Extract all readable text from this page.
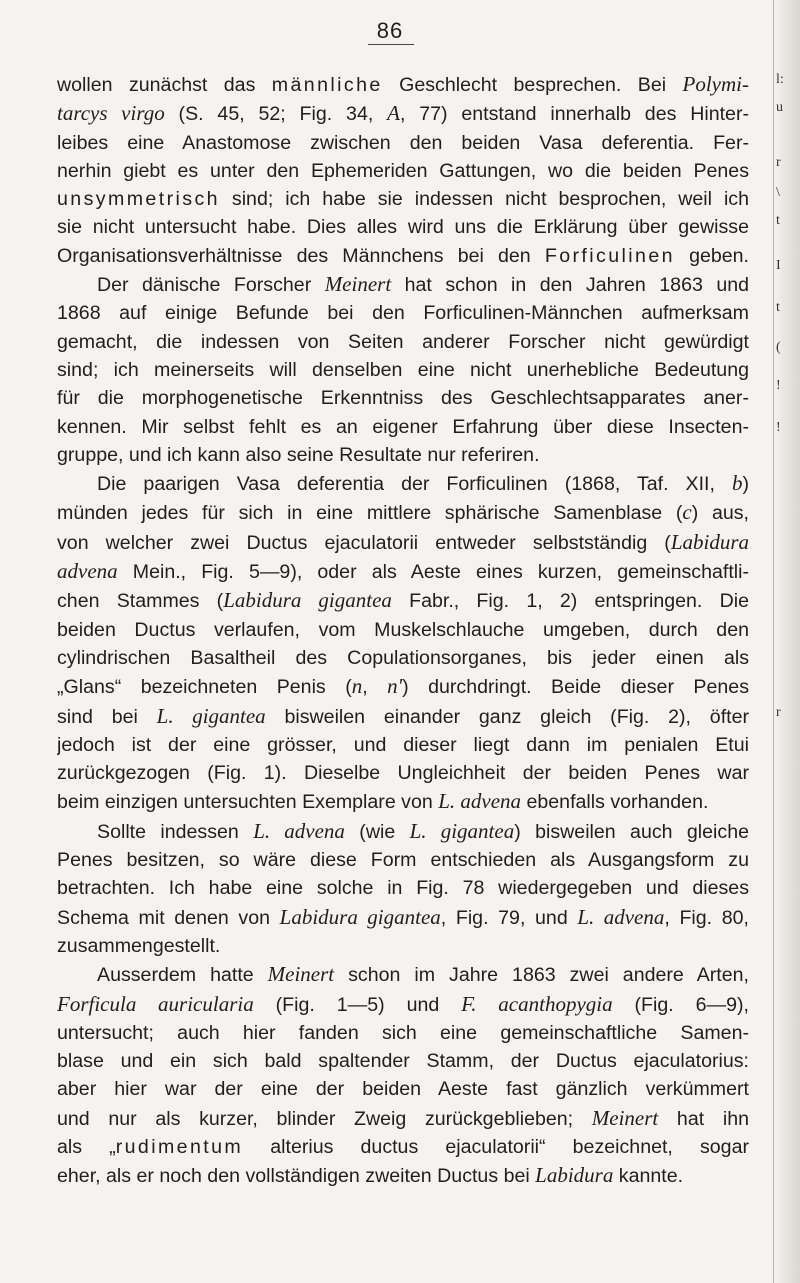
86
wollen zunächst das männliche Geschlecht besprechen. Bei Polymi-
tarcys virgo (S. 45, 52; Fig. 34, A, 77) entstand innerhalb des Hinter-
leibes eine Anastomose zwischen den beiden Vasa deferentia. Fer-
nerhin giebt es unter den Ephemeriden Gattungen, wo die beiden Penes
unsymmetrisch sind; ich habe sie indessen nicht besprochen, weil ich
sie nicht untersucht habe. Dies alles wird uns die Erklärung über gewisse
Organisationsverhältnisse des Männchens bei den Forficulinen geben.
Der dänische Forscher Meinert hat schon in den Jahren 1863 und
1868 auf einige Befunde bei den Forficulinen-Männchen aufmerksam
gemacht, die indessen von Seiten anderer Forscher nicht gewürdigt
sind; ich meinerseits will denselben eine nicht unerhebliche Bedeutung
für die morphogenetische Erkenntniss des Geschlechtsapparates aner-
kennen. Mir selbst fehlt es an eigener Erfahrung über diese Insecten-
gruppe, und ich kann also seine Resultate nur referiren.
Die paarigen Vasa deferentia der Forficulinen (1868, Taf. XII, b)
münden jedes für sich in eine mittlere sphärische Samenblase (c) aus,
von welcher zwei Ductus ejaculatorii entweder selbstständig (Labidura
advena Mein., Fig. 5—9), oder als Aeste eines kurzen, gemeinschaftli-
chen Stammes (Labidura gigantea Fabr., Fig. 1, 2) entspringen. Die
beiden Ductus verlaufen, vom Muskelschlauche umgeben, durch den
cylindrischen Basaltheil des Copulationsorganes, bis jeder einen als
„Glans“ bezeichneten Penis (n, n') durchdringt. Beide dieser Penes
sind bei L. gigantea bisweilen einander ganz gleich (Fig. 2), öfter
jedoch ist der eine grösser, und dieser liegt dann im penialen Etui
zurückgezogen (Fig. 1). Dieselbe Ungleichheit der beiden Penes war
beim einzigen untersuchten Exemplare von L. advena ebenfalls vorhanden.
Sollte indessen L. advena (wie L. gigantea) bisweilen auch gleiche
Penes besitzen, so wäre diese Form entschieden als Ausgangsform zu
betrachten. Ich habe eine solche in Fig. 78 wiedergegeben und dieses
Schema mit denen von Labidura gigantea, Fig. 79, und L. advena, Fig. 80,
zusammengestellt.
Ausserdem hatte Meinert schon im Jahre 1863 zwei andere Arten,
Forficula auricularia (Fig. 1—5) und F. acanthopygia (Fig. 6—9),
untersucht; auch hier fanden sich eine gemeinschaftliche Samen-
blase und ein sich bald spaltender Stamm, der Ductus ejaculatorius:
aber hier war der eine der beiden Aeste fast gänzlich verkümmert
und nur als kurzer, blinder Zweig zurückgeblieben; Meinert hat ihn
als „rudimentum alterius ductus ejaculatorii“ bezeichnet, sogar
eher, als er noch den vollständigen zweiten Ductus bei Labidura kannte.
l:
u
r
\
t
I
t
(
!
!
r
